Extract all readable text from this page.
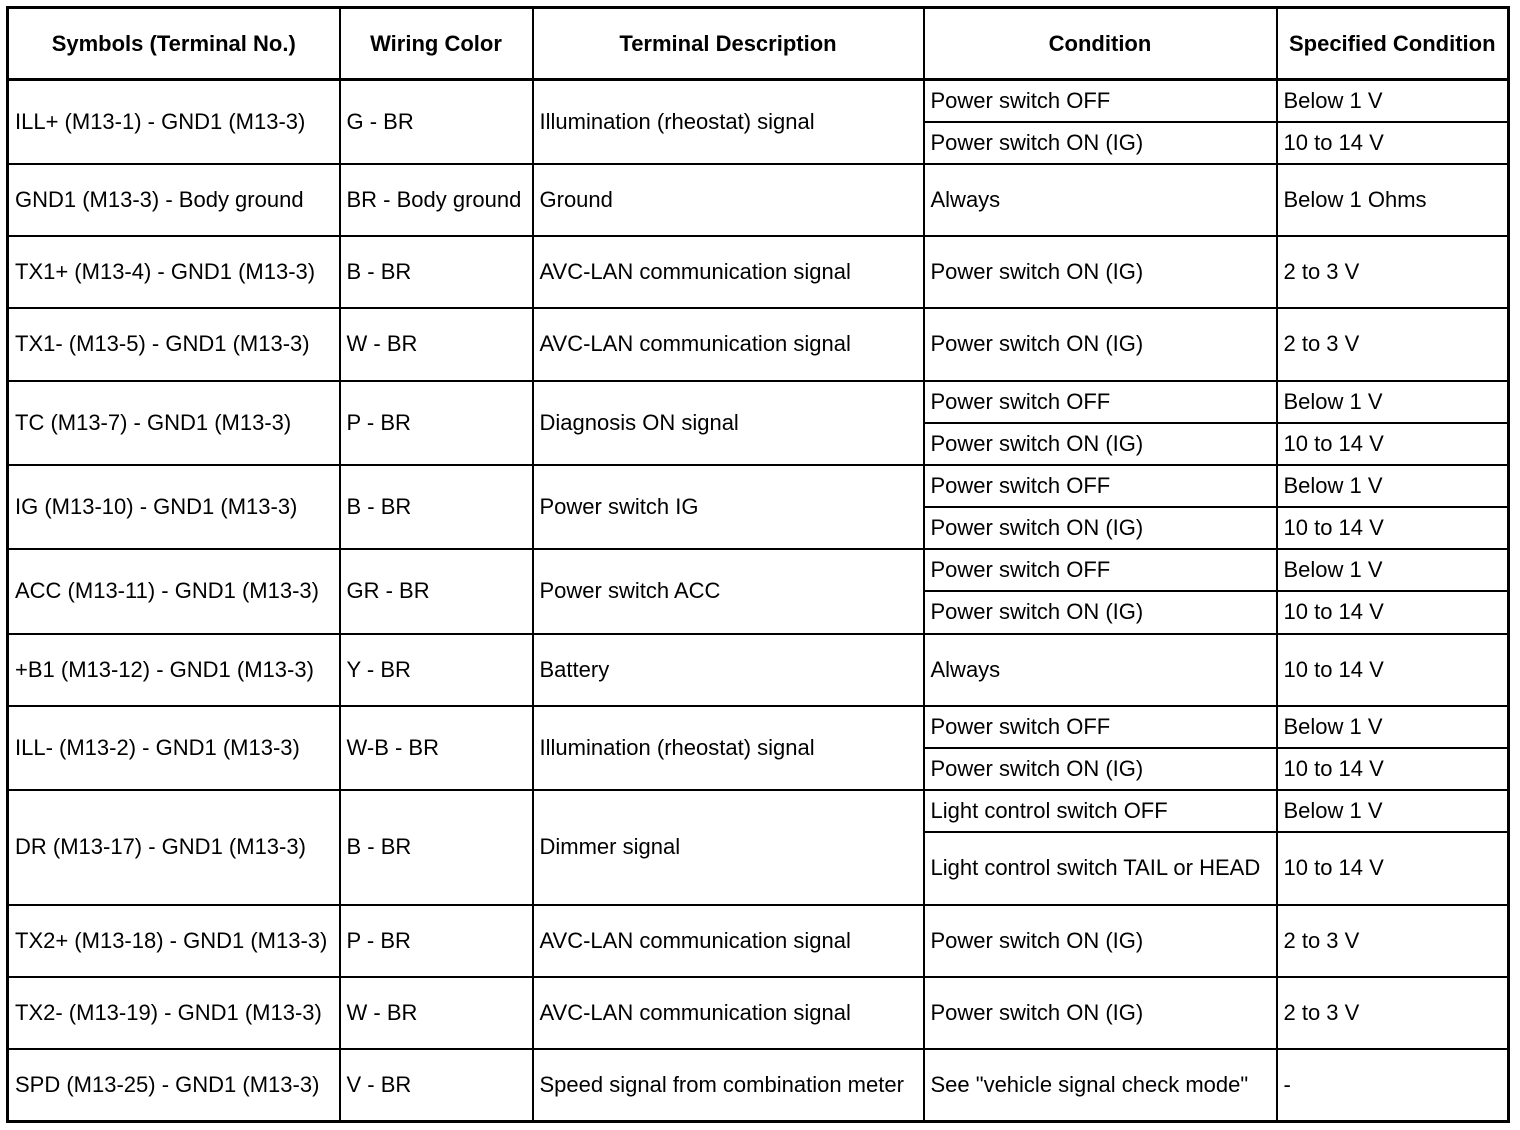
Symbols (Terminal No.)	Wiring Color	Terminal Description	Condition	Specified Condition
ILL+ (M13-1) - GND1 (M13-3)	G - BR	Illumination (rheostat) signal	Power switch OFF	Below 1 V
			Power switch ON (IG)	10 to 14 V
GND1 (M13-3) - Body ground	BR - Body ground	Ground	Always	Below 1 Ohms
TX1+ (M13-4) - GND1 (M13-3)	B - BR	AVC-LAN communication signal	Power switch ON (IG)	2 to 3 V
TX1- (M13-5) - GND1 (M13-3)	W - BR	AVC-LAN communication signal	Power switch ON (IG)	2 to 3 V
TC (M13-7) - GND1 (M13-3)	P - BR	Diagnosis ON signal	Power switch OFF	Below 1 V
			Power switch ON (IG)	10 to 14 V
IG (M13-10) - GND1 (M13-3)	B - BR	Power switch IG	Power switch OFF	Below 1 V
			Power switch ON (IG)	10 to 14 V
ACC (M13-11) - GND1 (M13-3)	GR - BR	Power switch ACC	Power switch OFF	Below 1 V
			Power switch ON (IG)	10 to 14 V
+B1 (M13-12) - GND1 (M13-3)	Y - BR	Battery	Always	10 to 14 V
ILL- (M13-2) - GND1 (M13-3)	W-B - BR	Illumination (rheostat) signal	Power switch OFF	Below 1 V
			Power switch ON (IG)	10 to 14 V
DR (M13-17) - GND1 (M13-3)	B - BR	Dimmer signal	Light control switch OFF	Below 1 V
			Light control switch TAIL or HEAD	10 to 14 V
TX2+ (M13-18) - GND1 (M13-3)	P - BR	AVC-LAN communication signal	Power switch ON (IG)	2 to 3 V
TX2- (M13-19) - GND1 (M13-3)	W - BR	AVC-LAN communication signal	Power switch ON (IG)	2 to 3 V
SPD (M13-25) - GND1 (M13-3)	V - BR	Speed signal from combination meter	See "vehicle signal check mode"	-
